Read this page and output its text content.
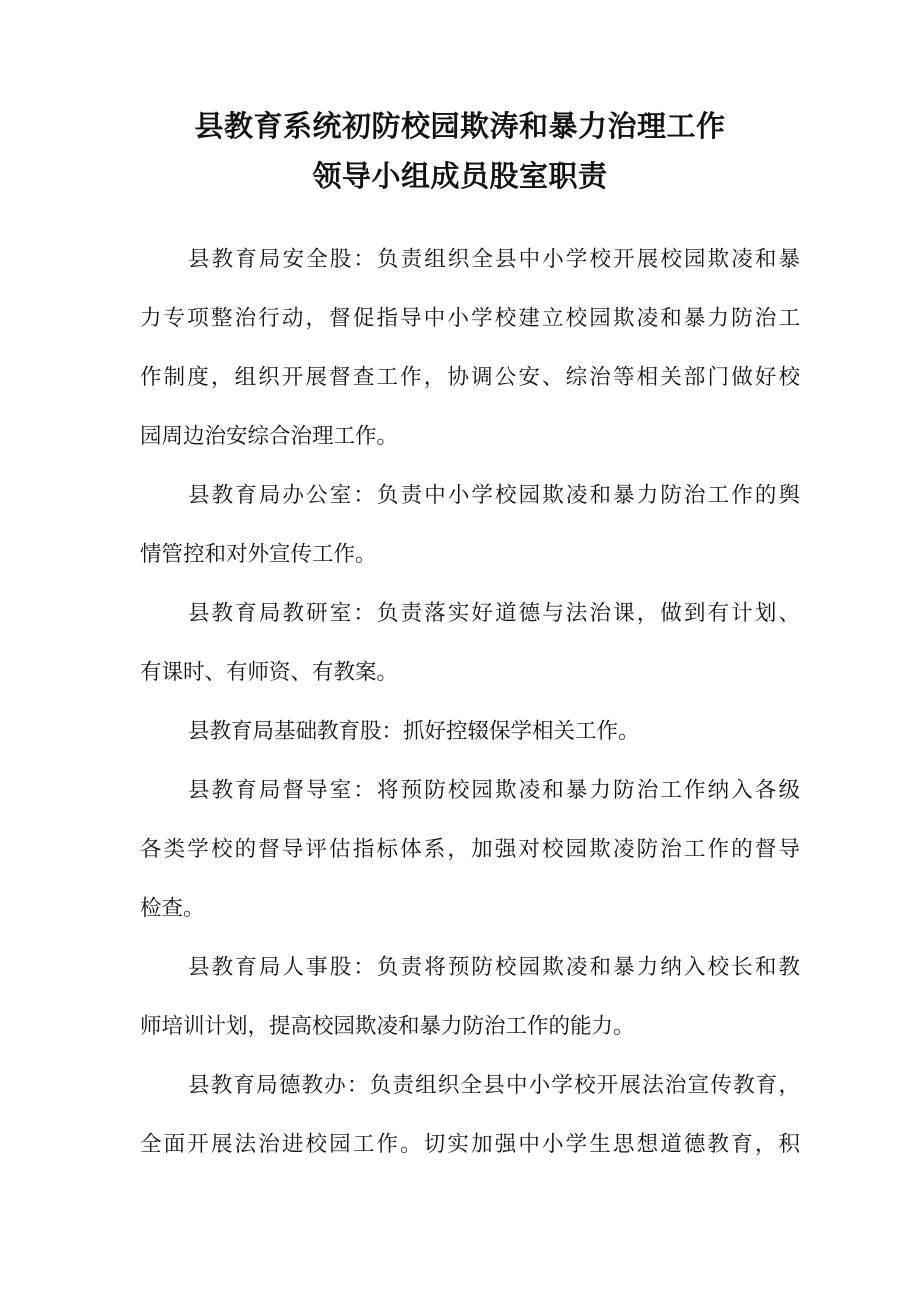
县教育系统初防校园欺涛和暴力治理工作
领导小组成员股室职责
县教育局安全股：负责组织全县中小学校开展校园欺凌和暴
力专项整治行动，督促指导中小学校建立校园欺凌和暴力防治工
作制度，组织开展督查工作，协调公安、综治等相关部门做好校
园周边治安综合治理工作。
县教育局办公室：负责中小学校园欺凌和暴力防治工作的舆
情管控和对外宣传工作。
县教育局教研室：负责落实好道德与法治课，做到有计划、
有课时、有师资、有教案。
县教育局基础教育股：抓好控辍保学相关工作。
县教育局督导室：将预防校园欺凌和暴力防治工作纳入各级
各类学校的督导评估指标体系，加强对校园欺凌防治工作的督导
检查。
县教育局人事股：负责将预防校园欺凌和暴力纳入校长和教
师培训计划，提高校园欺凌和暴力防治工作的能力。
县教育局德教办：负责组织全县中小学校开展法治宣传教育，
全面开展法治进校园工作。切实加强中小学生思想道德教育，积
